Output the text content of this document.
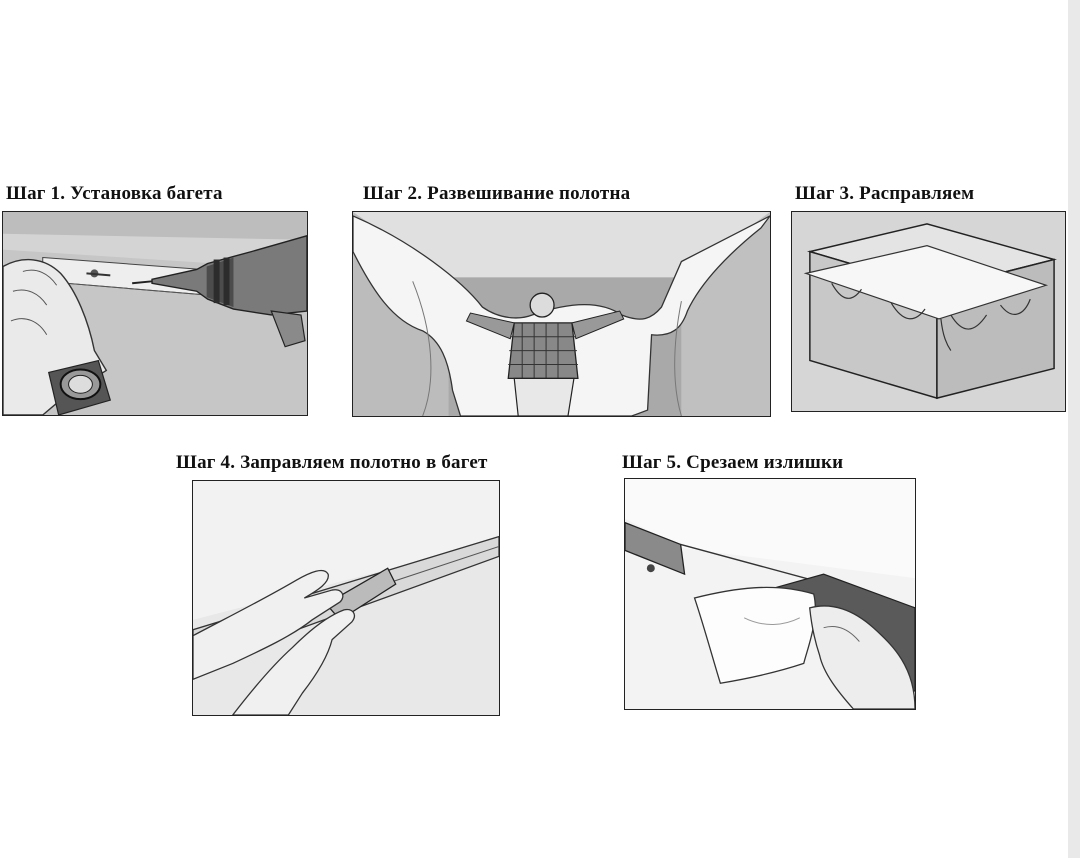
Шаг 1. Установка багета	Шаг 2. Развешивание полотна	Шаг 3. Расправляем
Шаг 4. Заправляем полотно в багет	Шаг 5. Срезаем излишки
